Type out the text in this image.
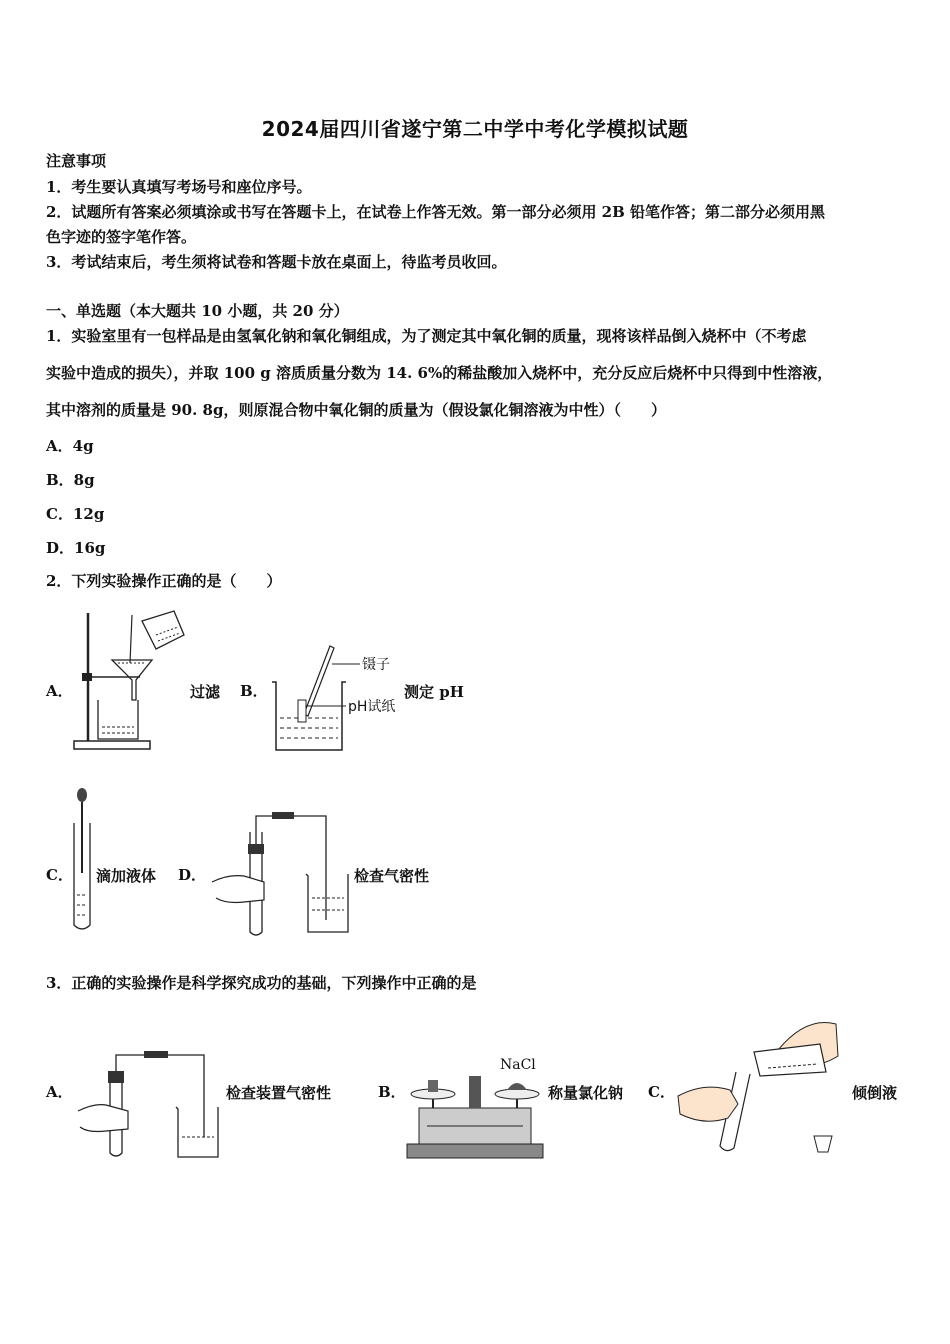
2024届四川省遂宁第二中学中考化学模拟试题
注意事项
1．考生要认真填写考场号和座位序号。
2．试题所有答案必须填涂或书写在答题卡上，在试卷上作答无效。第一部分必须用 2B 铅笔作答；第二部分必须用黑
色字迹的签字笔作答。
3．考试结束后，考生须将试卷和答题卡放在桌面上，待监考员收回。
一、单选题（本大题共 10 小题，共 20 分）
1．实验室里有一包样品是由氢氧化钠和氧化铜组成，为了测定其中氧化铜的质量，现将该样品倒入烧杯中（不考虑
实验中造成的损失），并取 100 g 溶质质量分数为 14. 6%的稀盐酸加入烧杯中，充分反应后烧杯中只得到中性溶液，
其中溶剂的质量是 90. 8g，则原混合物中氧化铜的质量为（假设氯化铜溶液为中性）（　　）
A．4g
B．8g
C．12g
D．16g
2．下列实验操作正确的是（　　）
A．	过滤 B．
镊子
pH试纸
测定 pH
C． 滴加液体 D．	检查气密性
3．正确的实验操作是科学探究成功的基础，下列操作中正确的是
A．	检查装置气密性	B．
NaCl
称量氯化钠 C．	倾倒液
